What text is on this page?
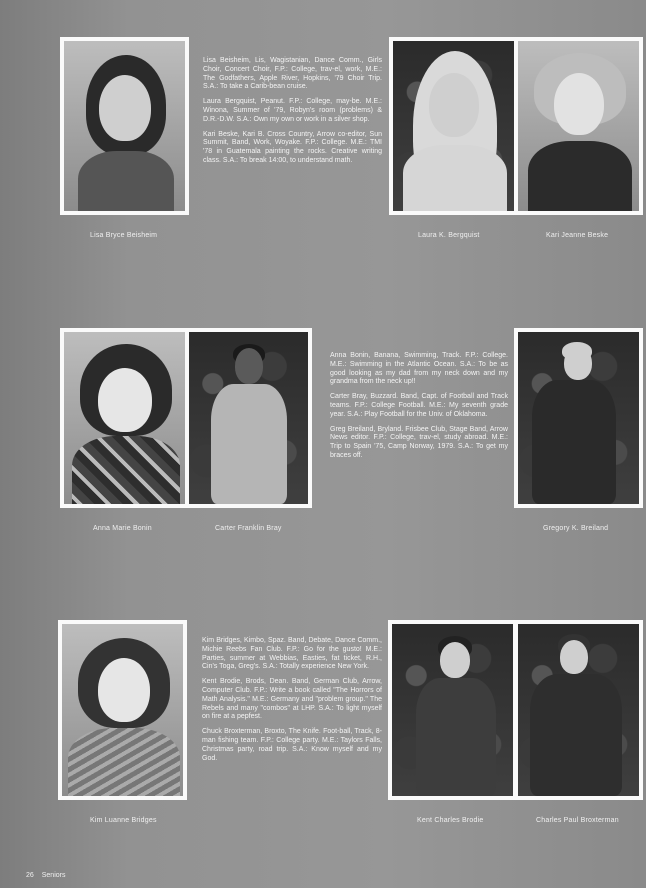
Lisa Beisheim, Lis, Wagistanian, Dance Comm., Girls Choir, Concert Choir, F.P.: College, trav-el, work, M.E.: The Godfathers, Apple River, Hopkins, '79 Choir Trip. S.A.: To take a Carib-bean cruise.

Laura Bergquist, Peanut. F.P.: College, may-be. M.E.: Winona, Summer of '79, Robyn's room (problems) & D.R.-D.W. S.A.: Own my own or work in a silver shop.

Kari Beske, Kari B. Cross Country, Arrow co-editor, Sun Summit, Band, Work, Woyake. F.P.: College. M.E.: TMI '78 in Guatemala painting the rocks. Creative writing class. S.A.: To break 14:00, to understand math.

Lisa Bryce Beisheim	Laura K. Bergquist	Kari Jeanne Beske

Anna Bonin, Banana, Swimming, Track. F.P.: College. M.E.: Swimming in the Atlantic Ocean. S.A.: To be as good looking as my dad from my neck down and my grandma from the neck up!!

Carter Bray, Buzzard. Band, Capt. of Football and Track teams. F.P.: College Football. M.E.: My seventh grade year. S.A.: Play Football for the Univ. of Oklahoma.

Greg Breiland, Bryland. Frisbee Club, Stage Band, Arrow News editor. F.P.: College, trav-el, study abroad. M.E.: Trip to Spain '75, Camp Norway, 1979. S.A.: To get my braces off.

Anna Marie Bonin	Carter Franklin Bray	Gregory K. Breiland

Kim Bridges, Kimbo, Spaz. Band, Debate, Dance Comm., Michie Reebs Fan Club. F.P.: Go for the gusto! M.E.: Parties, summer at Webbias, Easties, fat ticket, R.H., Cin's Toga, Greg's. S.A.: Totally experience New York.

Kent Brodie, Brods, Dean. Band, German Club, Arrow, Computer Club. F.P.: Write a book called "The Horrors of Math Analysis." M.E.: Germany and "problem group." The Rebels and many "combos" at LHP. S.A.: To light myself on fire at a pepfest.

Chuck Broxterman, Broxto, The Knife. Foot-ball, Track, 8-man fishing team. F.P.: College party. M.E.: Taylors Falls, Christmas party, road trip. S.A.: Know myself and my God.

Kim Luanne Bridges	Kent Charles Brodie	Charles Paul Broxterman
26 Seniors
